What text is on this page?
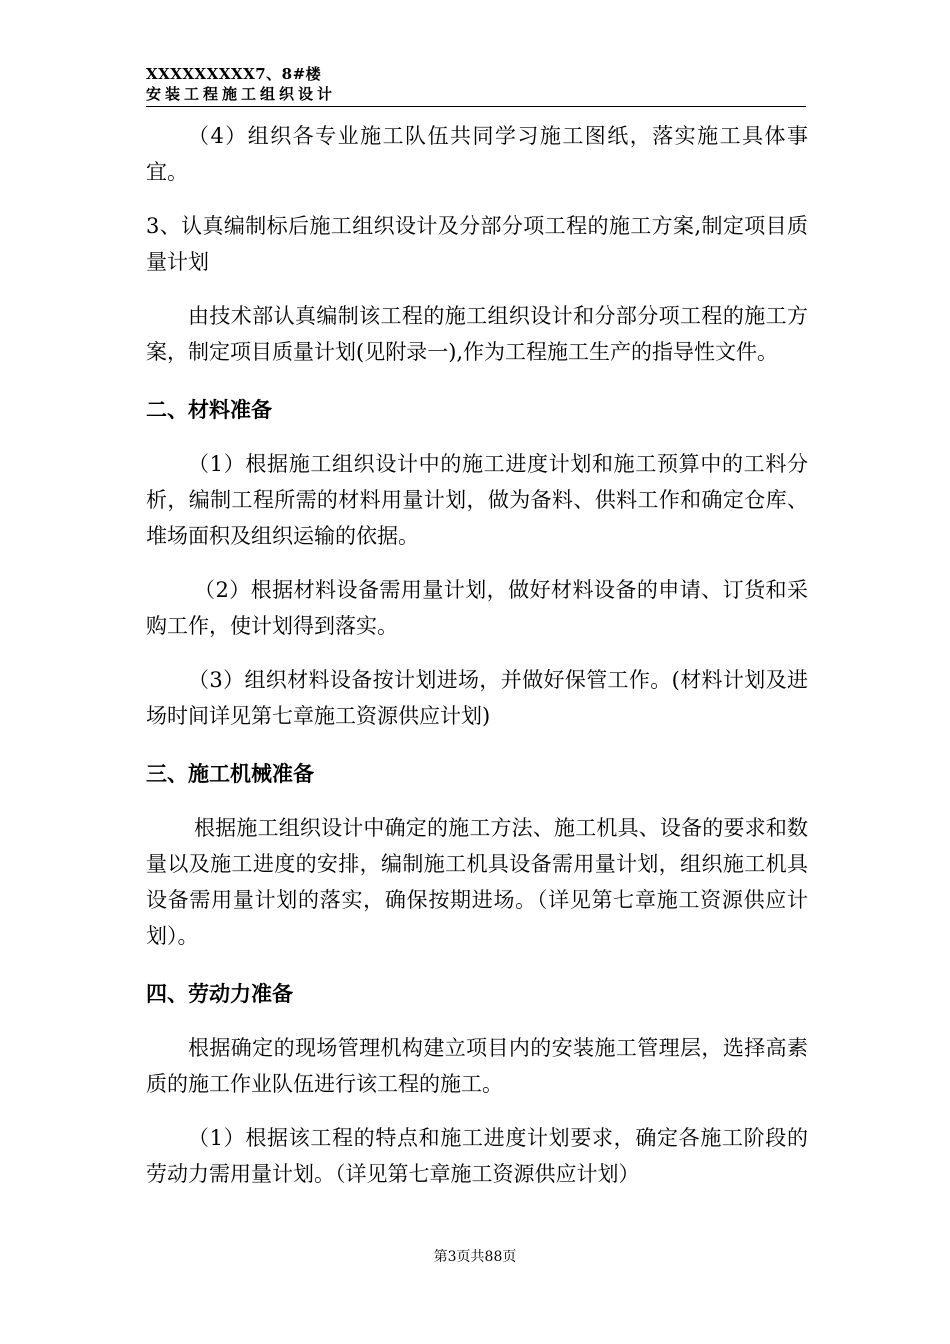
XXXXXXXXX7、8#楼
安装工程施工组织设计

（4）组织各专业施工队伍共同学习施工图纸，落实施工具体事宜。

3、认真编制标后施工组织设计及分部分项工程的施工方案,制定项目质量计划

由技术部认真编制该工程的施工组织设计和分部分项工程的施工方案，制定项目质量计划(见附录一),作为工程施工生产的指导性文件。

二、材料准备

（1）根据施工组织设计中的施工进度计划和施工预算中的工料分析，编制工程所需的材料用量计划，做为备料、供料工作和确定仓库、堆场面积及组织运输的依据。

（2）根据材料设备需用量计划，做好材料设备的申请、订货和采购工作，使计划得到落实。

（3）组织材料设备按计划进场，并做好保管工作。(材料计划及进场时间详见第七章施工资源供应计划)

三、施工机械准备

根据施工组织设计中确定的施工方法、施工机具、设备的要求和数量以及施工进度的安排，编制施工机具设备需用量计划，组织施工机具设备需用量计划的落实，确保按期进场。（详见第七章施工资源供应计划）。

四、劳动力准备

根据确定的现场管理机构建立项目内的安装施工管理层，选择高素质的施工作业队伍进行该工程的施工。

（1）根据该工程的特点和施工进度计划要求，确定各施工阶段的劳动力需用量计划。（详见第七章施工资源供应计划）

第3页共88页
